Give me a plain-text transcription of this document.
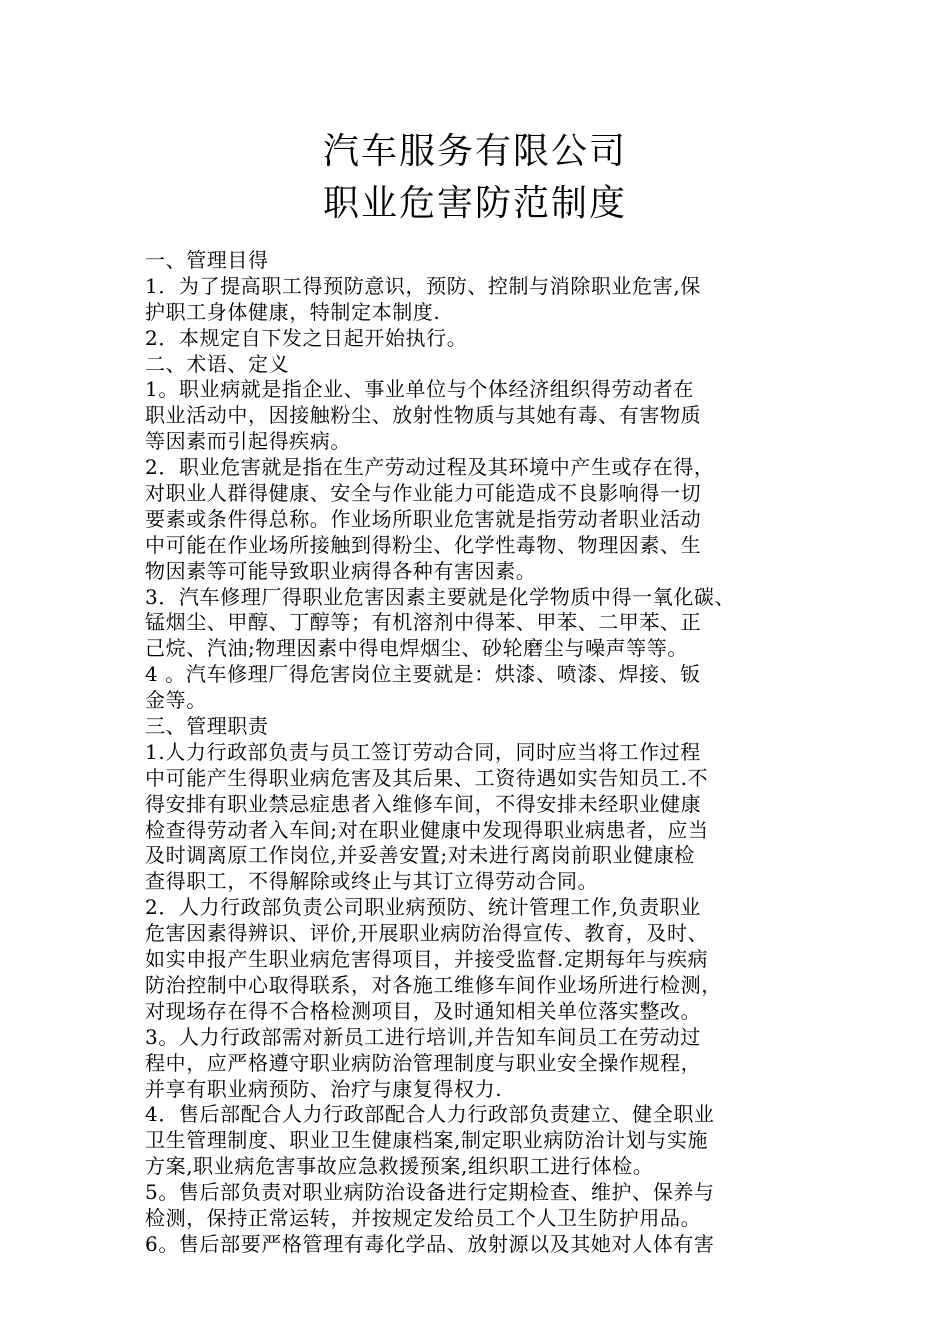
汽车服务有限公司
职业危害防范制度
一、管理目得
1．为了提高职工得预防意识，预防、控制与消除职业危害,保
护职工身体健康，特制定本制度.
2．本规定自下发之日起开始执行。
二、术语、定义
1。职业病就是指企业、事业单位与个体经济组织得劳动者在
职业活动中，因接触粉尘、放射性物质与其她有毒、有害物质
等因素而引起得疾病。
2．职业危害就是指在生产劳动过程及其环境中产生或存在得，
对职业人群得健康、安全与作业能力可能造成不良影响得一切
要素或条件得总称。作业场所职业危害就是指劳动者职业活动
中可能在作业场所接触到得粉尘、化学性毒物、物理因素、生
物因素等可能导致职业病得各种有害因素。
3．汽车修理厂得职业危害因素主要就是化学物质中得一氧化碳、
锰烟尘、甲醇、丁醇等；有机溶剂中得苯、甲苯、二甲苯、正
己烷、汽油;物理因素中得电焊烟尘、砂轮磨尘与噪声等等。
4 。汽车修理厂得危害岗位主要就是：烘漆、喷漆、焊接、钣
金等。
三、管理职责
1.人力行政部负责与员工签订劳动合同，同时应当将工作过程
中可能产生得职业病危害及其后果、工资待遇如实告知员工.不
得安排有职业禁忌症患者入维修车间，不得安排未经职业健康
检查得劳动者入车间;对在职业健康中发现得职业病患者，应当
及时调离原工作岗位,并妥善安置;对未进行离岗前职业健康检
查得职工，不得解除或终止与其订立得劳动合同。
2．人力行政部负责公司职业病预防、统计管理工作,负责职业
危害因素得辨识、评价,开展职业病防治得宣传、教育，及时、
如实申报产生职业病危害得项目，并接受监督.定期每年与疾病
防治控制中心取得联系，对各施工维修车间作业场所进行检测，
对现场存在得不合格检测项目，及时通知相关单位落实整改。
3。人力行政部需对新员工进行培训,并告知车间员工在劳动过
程中，应严格遵守职业病防治管理制度与职业安全操作规程，
并享有职业病预防、治疗与康复得权力.
4．售后部配合人力行政部配合人力行政部负责建立、健全职业
卫生管理制度、职业卫生健康档案,制定职业病防治计划与实施
方案,职业病危害事故应急救援预案,组织职工进行体检。
5。售后部负责对职业病防治设备进行定期检查、维护、保养与
检测，保持正常运转，并按规定发给员工个人卫生防护用品。
6。售后部要严格管理有毒化学品、放射源以及其她对人体有害
